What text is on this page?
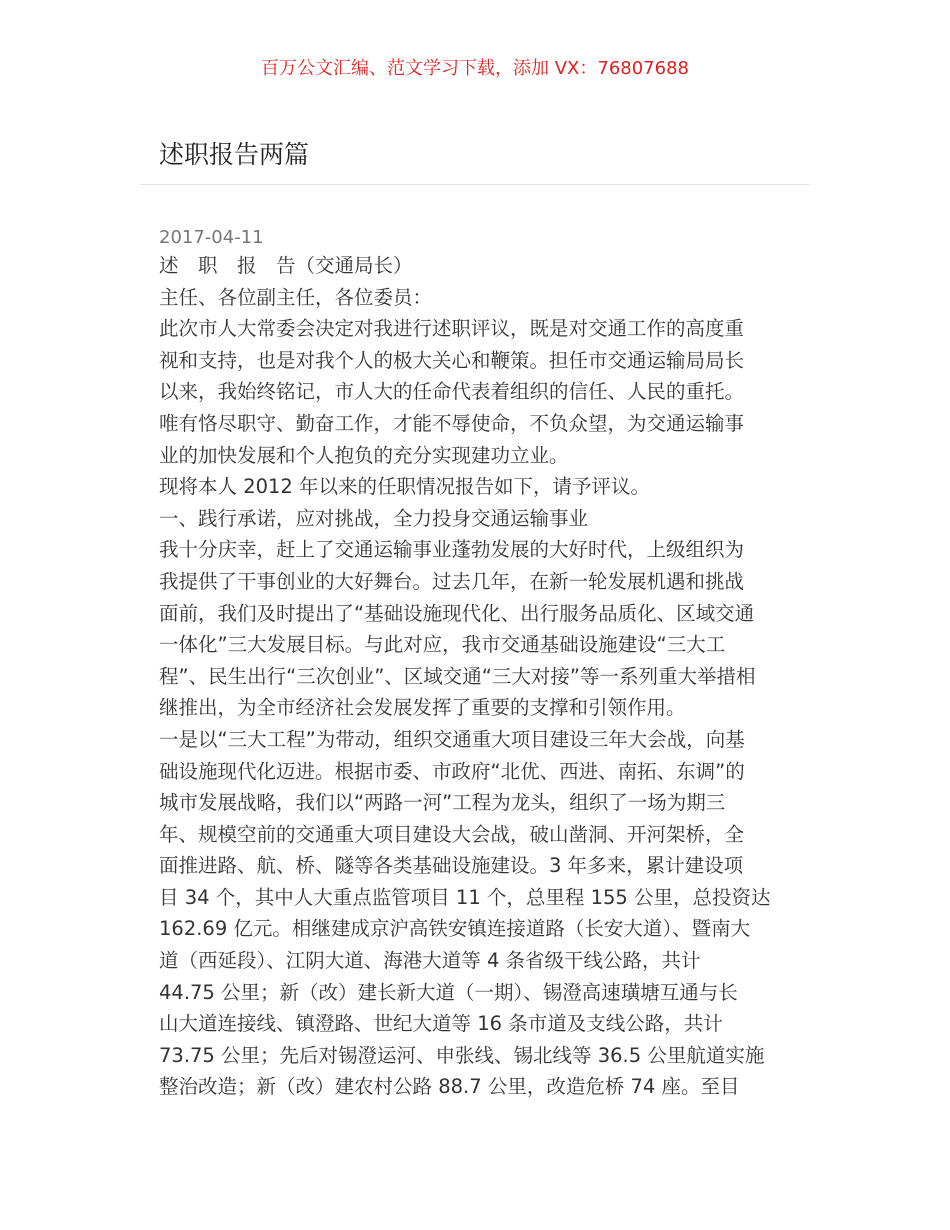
百万公文汇编、范文学习下载，添加 VX：76807688
述职报告两篇

2017-04-11

述　职　报　告（交通局长）
主任、各位副主任，各位委员：
此次市人大常委会决定对我进行述职评议，既是对交通工作的高度重
视和支持，也是对我个人的极大关心和鞭策。担任市交通运输局局长
以来，我始终铭记，市人大的任命代表着组织的信任、人民的重托。
唯有恪尽职守、勤奋工作，才能不辱使命，不负众望，为交通运输事
业的加快发展和个人抱负的充分实现建功立业。
现将本人 2012 年以来的任职情况报告如下，请予评议。
一、践行承诺，应对挑战，全力投身交通运输事业
我十分庆幸，赶上了交通运输事业蓬勃发展的大好时代，上级组织为
我提供了干事创业的大好舞台。过去几年，在新一轮发展机遇和挑战
面前，我们及时提出了“基础设施现代化、出行服务品质化、区域交通
一体化”三大发展目标。与此对应，我市交通基础设施建设“三大工
程”、民生出行“三次创业”、区域交通“三大对接”等一系列重大举措相
继推出，为全市经济社会发展发挥了重要的支撑和引领作用。
一是以“三大工程”为带动，组织交通重大项目建设三年大会战，向基
础设施现代化迈进。根据市委、市政府“北优、西进、南拓、东调”的
城市发展战略，我们以“两路一河”工程为龙头，组织了一场为期三
年、规模空前的交通重大项目建设大会战，破山凿洞、开河架桥，全
面推进路、航、桥、隧等各类基础设施建设。3 年多来，累计建设项
目 34 个，其中人大重点监管项目 11 个，总里程 155 公里，总投资达
162.69 亿元。相继建成京沪高铁安镇连接道路（长安大道）、暨南大
道（西延段）、江阴大道、海港大道等 4 条省级干线公路，共计
44.75 公里；新（改）建长新大道（一期）、锡澄高速璜塘互通与长
山大道连接线、镇澄路、世纪大道等 16 条市道及支线公路，共计
73.75 公里；先后对锡澄运河、申张线、锡北线等 36.5 公里航道实施
整治改造；新（改）建农村公路 88.7 公里，改造危桥 74 座。至目
